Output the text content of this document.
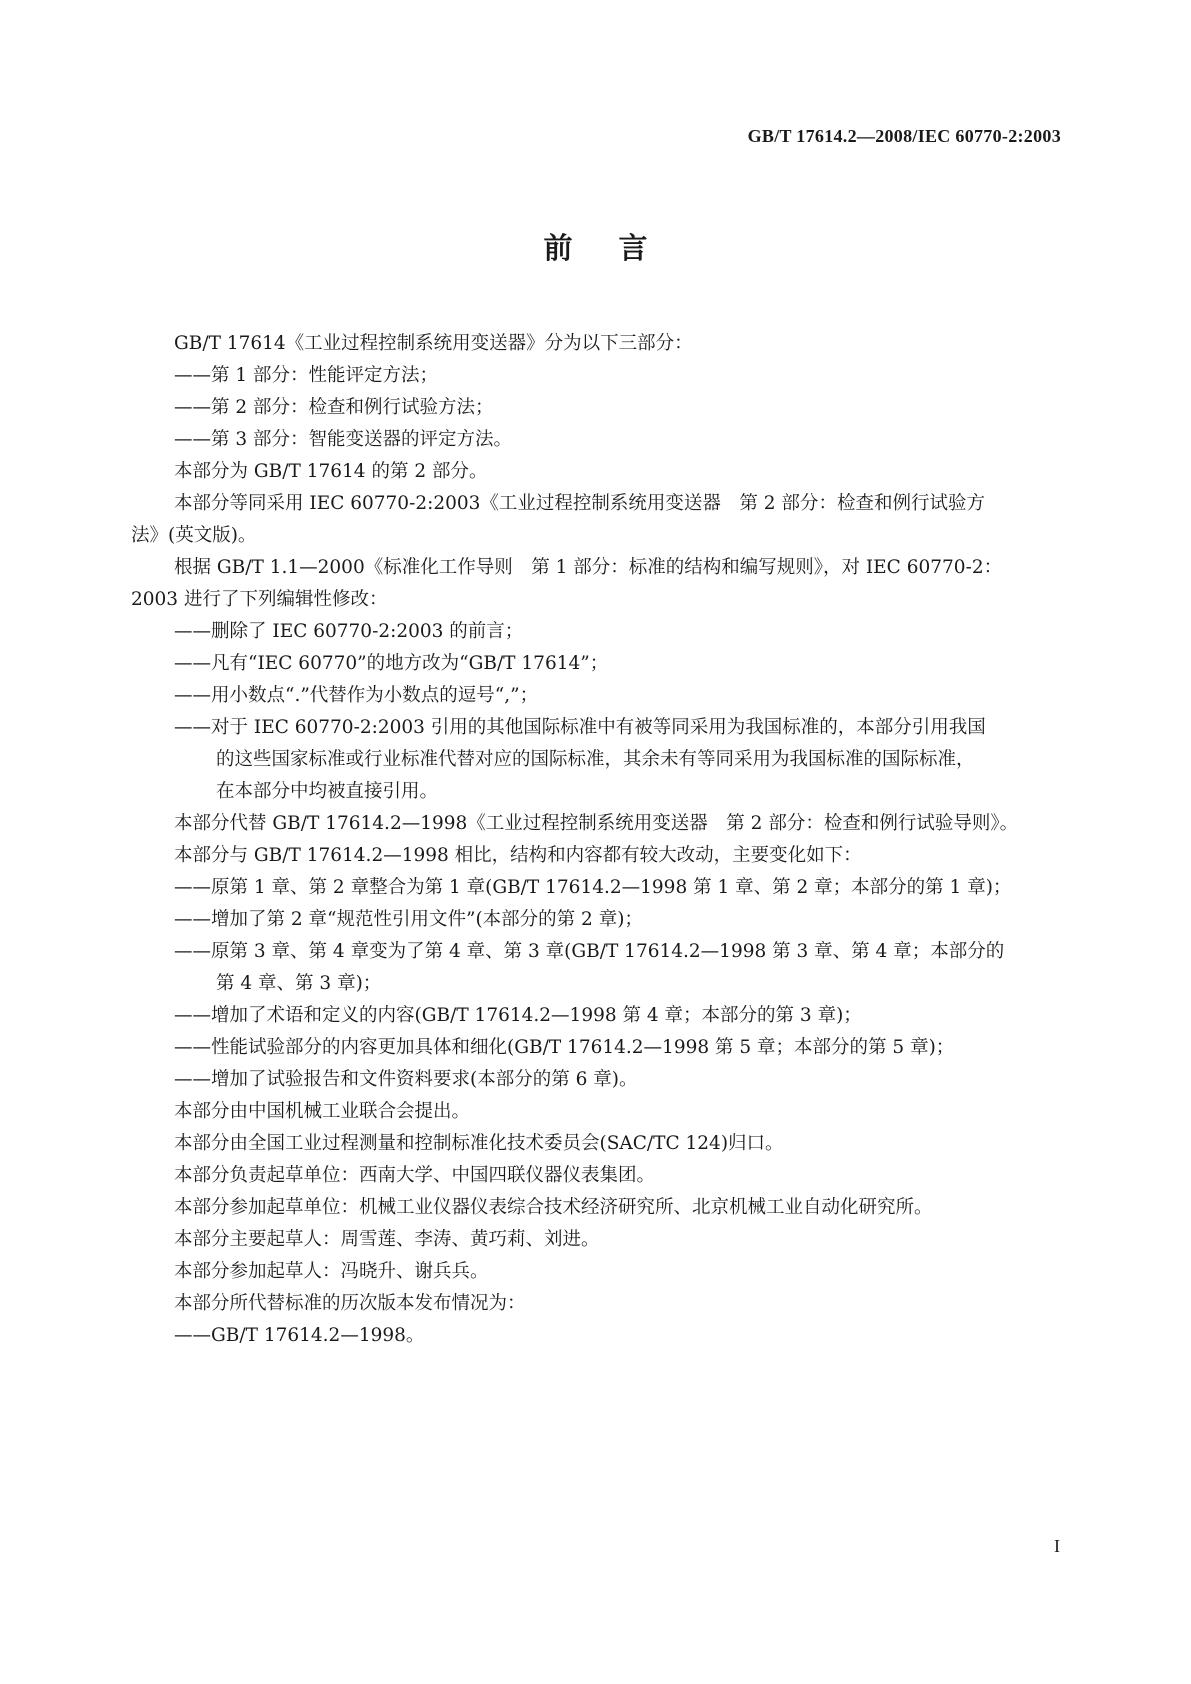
GB/T 17614.2—2008/IEC 60770-2:2003
前言
GB/T 17614《工业过程控制系统用变送器》分为以下三部分：
——第 1 部分：性能评定方法；
——第 2 部分：检查和例行试验方法；
——第 3 部分：智能变送器的评定方法。
本部分为 GB/T 17614 的第 2 部分。
本部分等同采用 IEC 60770-2:2003《工业过程控制系统用变送器　第 2 部分：检查和例行试验方
法》(英文版)。
根据 GB/T 1.1—2000《标准化工作导则　第 1 部分：标准的结构和编写规则》，对 IEC 60770-2：
2003 进行了下列编辑性修改：
——删除了 IEC 60770-2:2003 的前言；
——凡有“IEC 60770”的地方改为“GB/T 17614”；
——用小数点“.”代替作为小数点的逗号“,”；
——对于 IEC 60770-2:2003 引用的其他国际标准中有被等同采用为我国标准的，本部分引用我国
的这些国家标准或行业标准代替对应的国际标准，其余未有等同采用为我国标准的国际标准，
在本部分中均被直接引用。
本部分代替 GB/T 17614.2—1998《工业过程控制系统用变送器　第 2 部分：检查和例行试验导则》。
本部分与 GB/T 17614.2—1998 相比，结构和内容都有较大改动，主要变化如下：
——原第 1 章、第 2 章整合为第 1 章(GB/T 17614.2—1998 第 1 章、第 2 章；本部分的第 1 章)；
——增加了第 2 章“规范性引用文件”(本部分的第 2 章)；
——原第 3 章、第 4 章变为了第 4 章、第 3 章(GB/T 17614.2—1998 第 3 章、第 4 章；本部分的
第 4 章、第 3 章)；
——增加了术语和定义的内容(GB/T 17614.2—1998 第 4 章；本部分的第 3 章)；
——性能试验部分的内容更加具体和细化(GB/T 17614.2—1998 第 5 章；本部分的第 5 章)；
——增加了试验报告和文件资料要求(本部分的第 6 章)。
本部分由中国机械工业联合会提出。
本部分由全国工业过程测量和控制标准化技术委员会(SAC/TC 124)归口。
本部分负责起草单位：西南大学、中国四联仪器仪表集团。
本部分参加起草单位：机械工业仪器仪表综合技术经济研究所、北京机械工业自动化研究所。
本部分主要起草人：周雪莲、李涛、黄巧莉、刘进。
本部分参加起草人：冯晓升、谢兵兵。
本部分所代替标准的历次版本发布情况为：
——GB/T 17614.2—1998。
I
